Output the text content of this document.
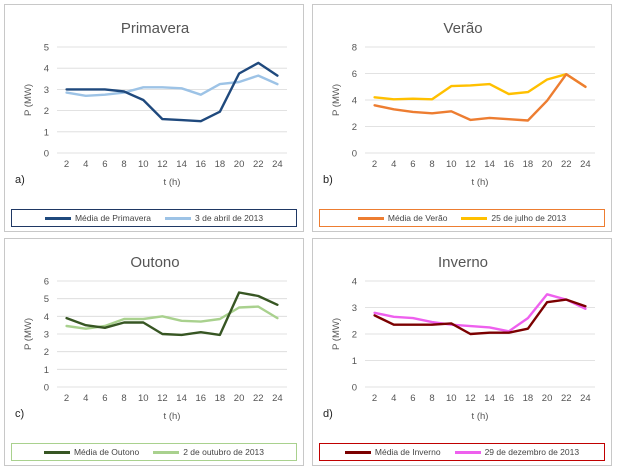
Primavera
0
1
2
3
4
5
2 4 6 8 10 12 14 16 18 20 22 24
P (MW)
t (h)
a)
Média de Primavera	3 de abril de 2013
Verão
0
2
4
6
8
2 4 6 8 10 12 14 16 18 20 22 24
P (MW)
t (h)
b)
Média de Verão	25 de julho de 2013
Outono
0
1
2
3
4
5
6
2 4 6 8 10 12 14 16 18 20 22 24
P (MW)
t (h)
c)
Média de Outono	2 de outubro de 2013
Inverno
0
1
2
3
4
2 4 6 8 10 12 14 16 18 20 22 24
P (MW)
t (h)
d)
Média de Inverno	29 de dezembro de 2013
